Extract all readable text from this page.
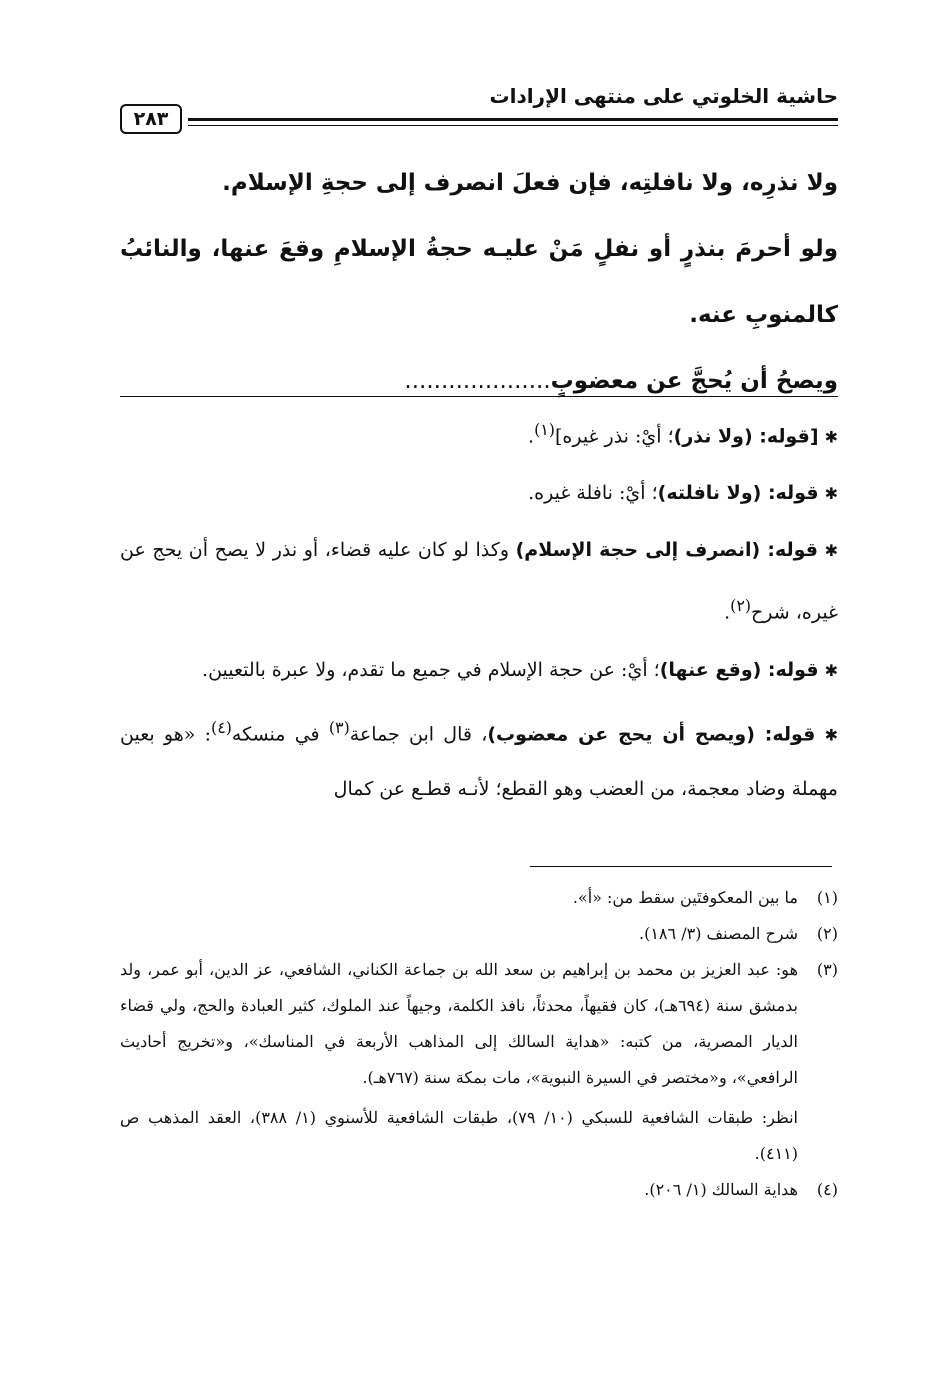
حاشية الخلوتي على منتهى الإرادات
٢٨٣

ولا نذرِه، ولا نافلتِه، فإن فعلَ انصرف إلى حجةِ الإسلام.

ولو أحرمَ بنذرٍ أو نفلٍ مَنْ عليـه حجةُ الإسلامِ وقعَ عنها، والنائبُ كالمنوبِ عنه.

ويصحُ أن يُحجَّ عن معضوبٍ....................

✱ [قوله: (ولا نذر)؛ أيْ: نذر غيره]$^{(١)}$.

✱ قوله: (ولا نافلته)؛ أيْ: نافلة غيره.

✱ قوله: (انصرف إلى حجة الإسلام) وكذا لو كان عليه قضاء، أو نذر لا يصح أن يحج عن غيره، شرح$^{(٢)}$.

✱ قوله: (وقع عنها)؛ أيْ: عن حجة الإسلام في جميع ما تقدم، ولا عبرة بالتعيين.

✱ قوله: (ويصح أن يحج عن معضوب)، قال ابن جماعة$^{(٣)}$ في منسكه$^{(٤)}$: «هو بعين مهملة وضاد معجمة، من العضب وهو القطع؛ لأنـه قطـع عن كمال

(١)
ما بين المعكوفتَين سقط من: «أ».
(٢)
شرح المصنف (٣/ ١٨٦).
(٣)
هو: عبد العزيز بن محمد بن إبراهيم بن سعد الله بن جماعة الكناني، الشافعي، عز الدين، أبو عمر، ولد بدمشق سنة (٦٩٤هـ)، كان فقيهاً، محدثاً، نافذ الكلمة، وجيهاً عند الملوك، كثير العبادة والحج، ولي قضاء الديار المصرية، من كتبه: «هداية السالك إلى المذاهب الأربعة في المناسك»، و«تخريج أحاديث الرافعي»، و«مختصر في السيرة النبوية»، مات بمكة سنة (٧٦٧هـ).
انظر: طبقات الشافعية للسبكي (١٠/ ٧٩)، طبقات الشافعية للأسنوي (١/ ٣٨٨)، العقد المذهب ص (٤١١).
(٤)
هداية السالك (١/ ٢٠٦).
